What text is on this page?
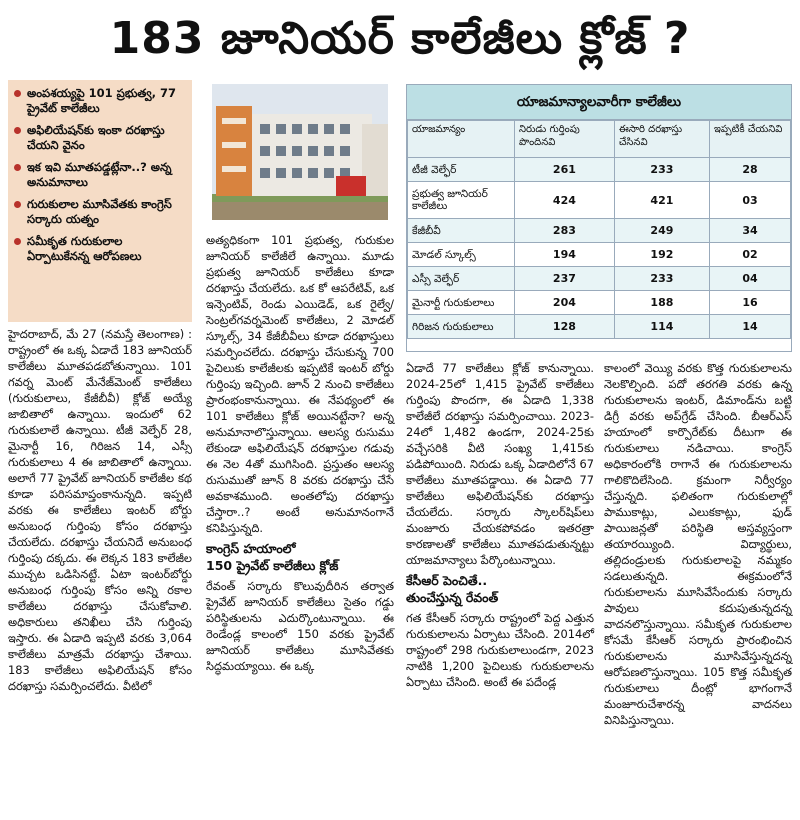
183 జూనియర్ కాలేజీలు క్లోజ్ ?
అంపశయ్యపై 101 ప్రభుత్వ, 77 ప్రైవేట్ కాలేజీలు
అఫిలియేషన్‌కు ఇంకా దరఖాస్తు చేయని వైనం
ఇక ఇవి మూతపడ్డట్లేనా..? అన్న అనుమానాలు
గురుకులాల మూసివేతకు కాంగ్రెస్ సర్కారు యత్నం
సమీకృత గురుకులాల ఏర్పాటుకేనన్న ఆరోపణలు
యాజమాన్యాలవారీగా కాలేజీలు
యాజమాన్యం	నిరుడు గుర్తింపు పొందినవి	ఈసారి దరఖాస్తు చేసినవి	ఇప్పటికీ చేయనివి
టీజీ వెల్ఫేర్	261	233	28
ప్రభుత్వ జూనియర్ కాలేజీలు	424	421	03
కేజీబీవీ	283	249	34
మోడల్ స్కూల్స్	194	192	02
ఎస్సీ వెల్ఫేర్	237	233	04
మైనార్టీ గురుకులాలు	204	188	16
గిరిజన గురుకులాలు	128	114	14

హైదరాబాద్, మే 27 (నమస్తే తెలంగాణ) : రాష్ట్రంలో ఈ ఒక్క ఏడాదే 183 జూనియర్ కాలేజీలు మూతపడబోతున్నాయి. 101 గవర్న మెంట్ మేనేజ్‌మెంట్ కాలేజీలు (గురుకులాలు, కేజీబీవీ) క్లోజ్ అయ్యే జాబితాలో ఉన్నాయి. ఇందులో 62 గురుకులాలే ఉన్నాయి. టీజీ వెల్ఫేర్ 28, మైనార్టీ 16, గిరిజన 14, ఎస్సీ గురుకులాలు 4 ఈ జాబితాలో ఉన్నాయి. అలాగే 77 ప్రైవేట్ జూనియర్ కాలేజీల కథ కూడా పరిసమాప్తంకానున్నది. ఇప్పటి వరకు ఈ కాలేజీలు ఇంటర్ బోర్డు అనుబంధ గుర్తింపు కోసం దరఖాస్తు చేయలేదు. దరఖాస్తు చేయనిదే అనుబంధ గుర్తింపు దక్కదు. ఈ లెక్కన 183 కాలేజీల ముచ్చట ఒడిసినట్టే. ఏటా ఇంటర్‌బోర్డు అనుబంధ గుర్తింపు కోసం అన్ని రకాల కాలేజీలు దరఖాస్తు చేసుకోవాలి. అధికారులు తనిఖీలు చేసి గుర్తింపు ఇస్తారు. ఈ ఏడాది ఇప్పటి వరకు 3,064 కాలేజీలు మాత్రమే దరఖాస్తు చేశాయి. 183 కాలేజీలు అఫిలియేషన్ కోసం దరఖాస్తు సమర్పించలేదు. వీటిలో

అత్యధికంగా 101 ప్రభుత్వ, గురుకుల జూనియర్ కాలేజీలే ఉన్నాయి. మూడు ప్రభుత్వ జూనియర్ కాలేజీలు కూడా దరఖాస్తు చేయలేదు. ఒక కో ఆపరేటివ్, ఒక ఇన్సెంటివ్, రెండు ఎయిడెడ్, ఒక రైల్వే/సెంట్రల్‌గవర్నమెంట్ కాలేజీలు, 2 మోడల్ స్కూల్స్, 34 కేజీబీవీలు కూడా దరఖాస్తులు సమర్పించలేదు. దరఖాస్తు చేసుకున్న 700 పైచిలుకు కాలేజీలకు ఇప్పటికే ఇంటర్ బోర్డు గుర్తింపు ఇచ్చింది. జూన్ 2 నుంచి కాలేజీలు ప్రారంభంకానున్నాయి. ఈ నేపథ్యంలో ఈ 101 కాలేజీలు క్లోజ్ అయినట్టేనా? అన్న అనుమానాలొస్తున్నాయి. ఆలస్య రుసుము లేకుండా అఫిలియేషన్ దరఖాస్తుల గడువు ఈ నెల 4తో ముగిసింది. ప్రస్తుతం ఆలస్య రుసుముతో జూన్ 8 వరకు దరఖాస్తు చేసే అవకాశముంది. అంతలోపు దరఖాస్తు చేస్తారా..? అంటే అనుమానంగానే కనిపిస్తున్నది.

కాంగ్రెస్ హయాంలో
150 ప్రైవేట్ కాలేజీలు క్లోజ్

రేవంత్ సర్కారు కొలువుదీరిన తర్వాత ప్రైవేట్ జూనియర్ కాలేజీలు సైతం గడ్డు పరిస్థితులను ఎదుర్కొంటున్నాయి. ఈ రెండేండ్ల కాలంలో 150 వరకు ప్రైవేట్ జూనియర్ కాలేజీలు మూసివేతకు సిద్ధమయ్యాయి. ఈ ఒక్క

ఏడాదే 77 కాలేజీలు క్లోజ్ కానున్నాయి. 2024-25లో 1,415 ప్రైవేట్ కాలేజీలు గుర్తింపు పొందగా, ఈ ఏడాది 1,338 కాలేజీలే దరఖాస్తు సమర్పించాయి. 2023-24లో 1,482 ఉండగా, 2024-25కు వచ్చేసరికి వీటి సంఖ్య 1,415కు పడిపోయింది. నిరుడు ఒక్క ఏడాదిలోనే 67 కాలేజీలు మూతపడ్డాయి. ఈ ఏడాది 77 కాలేజీలు అఫిలియేషన్‌కు దరఖాస్తు చేయలేదు. సర్కారు స్కాలర్‌షిప్‌లు మంజూరు చేయకపోవడం ఇతరత్రా కారణాలతో కాలేజీలు మూతపడుతున్నట్టు యాజమాన్యాలు పేర్కొంటున్నాయి.

కేసీఆర్ పెంచితే..
తుంచేస్తున్న రేవంత్

గత కేసీఆర్ సర్కారు రాష్ట్రంలో పెద్ద ఎత్తున గురుకులాలను ఏర్పాటు చేసింది. 2014లో రాష్ట్రంలో 298 గురుకులాలుండగా, 2023 నాటికి 1,200 పైచిలుకు గురుకులాలను ఏర్పాటు చేసింది. అంటే ఈ పదేండ్ల

కాలంలో వెయ్యి వరకు కొత్త గురుకులాలను నెలకొల్పింది. పదో తరగతి వరకు ఉన్న గురుకులాలను ఇంటర్, డిమాండ్‌ను బట్టి డిగ్రీ వరకు అప్‌గ్రేడ్ చేసింది. బీఆర్‌ఎస్ హయాంలో కార్పొరేట్‌కు దీటుగా ఈ గురుకులాలు నడిచాయి. కాంగ్రెస్ అధికారంలోకి రాగానే ఈ గురుకులాలను గాలికొదిలేసింది. క్రమంగా నిర్వీర్యం చేస్తున్నది. ఫలితంగా గురుకులాల్లో పాముకాట్లు, ఎలుకకాట్లు, ఫుడ్ పాయిజన్లతో పరిస్థితి అస్తవ్యస్తంగా తయారయ్యింది. విద్యార్థులు, తల్లిదండ్రులకు గురుకులాలపై నమ్మకం సడలుతున్నది. ఈక్రమంలోనే గురుకులాలను మూసివేసేందుకు సర్కారు పావులు కదుపుతున్నదన్న వాదనలొస్తున్నాయి. సమీకృత గురుకులాల కోసమే కేసీఆర్ సర్కారు ప్రారంభించిన గురుకులాలను మూసివేస్తున్నదన్న ఆరోపణలొస్తున్నాయి. 105 కొత్త సమీకృత గురుకులాలు దీంట్లో భాగంగానే మంజూరుచేశారన్న వాదనలు వినిపిస్తున్నాయి.
